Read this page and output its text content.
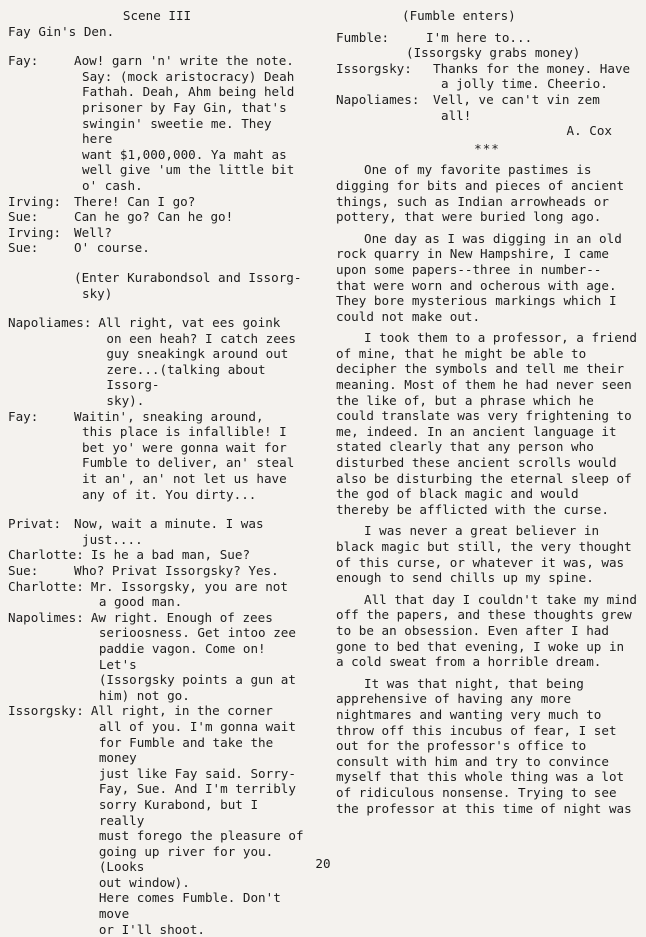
Scene III
Fay Gin's Den.
Fay:	Aow! garn 'n' write the note.

Say: (mock aristocracy) Deah

Fathah. Deah, Ahm being held

prisoner by Fay Gin, that's

swingin' sweetie me. They here

want $1,000,000. Ya maht as

well give 'um the little bit

o' cash.

Irving:	There! Can I go?

Sue:	Can he go? Can he go!

Irving:	Well?

Sue:	O' course.

(Enter Kurabondsol and Issorg-
sky)
Napoliames: All right, vat ees goink

on een heah? I catch zees

guy sneakingk around out

zere...(talking about Issorg-

sky).

Fay:	Waitin', sneaking around,

this place is infallible! I

bet yo' were gonna wait for

Fumble to deliver, an' steal

it an', an' not let us have

any of it. You dirty...

Privat:	Now, wait a minute. I was

just....

Charlotte: Is he a bad man, Sue?

Sue:	Who? Privat Issorgsky? Yes.

Charlotte: Mr. Issorgsky, you are not

a good man.

Napolimes: Aw right. Enough of zees

serioosness. Get intoo zee

paddie vagon. Come on! Let's

(Issorgsky points a gun at

him) not go.

Issorgsky: All right, in the corner

all of you. I'm gonna wait

for Fumble and take the money

just like Fay said. Sorry-

Fay, Sue. And I'm terribly

sorry Kurabond, but I really

must forego the pleasure of

going up river for you. (Looks

out window).

Here comes Fumble. Don't move

or I'll shoot.

(Fumble enters)
Fumble:	I'm here to...
(Issorgsky grabs money)
Issorgsky:	Thanks for the money. Have

a jolly time. Cheerio.

Napoliames:	Vell, ve can't vin zem

all!

A. Cox
***

One of my favorite pastimes is digging for bits and pieces of ancient things, such as Indian arrowheads or pottery, that were buried long ago.

One day as I was digging in an old rock quarry in New Hampshire, I came upon some papers--three in number-- that were worn and ocherous with age. They bore mysterious markings which I could not make out.

I took them to a professor, a friend of mine, that he might be able to decipher the symbols and tell me their meaning. Most of them he had never seen the like of, but a phrase which he could translate was very frightening to me, indeed. In an ancient language it stated clearly that any person who disturbed these ancient scrolls would also be disturbing the eternal sleep of the god of black magic and would thereby be afflicted with the curse.

I was never a great believer in black magic but still, the very thought of this curse, or whatever it was, was enough to send chills up my spine.

All that day I couldn't take my mind off the papers, and these thoughts grew to be an obsession. Even after I had gone to bed that evening, I woke up in a cold sweat from a horrible dream.

It was that night, that being apprehensive of having any more nightmares and wanting very much to throw off this incubus of fear, I set out for the professor's office to consult with him and try to convince myself that this whole thing was a lot of ridiculous nonsense. Trying to see the professor at this time of night was

20
